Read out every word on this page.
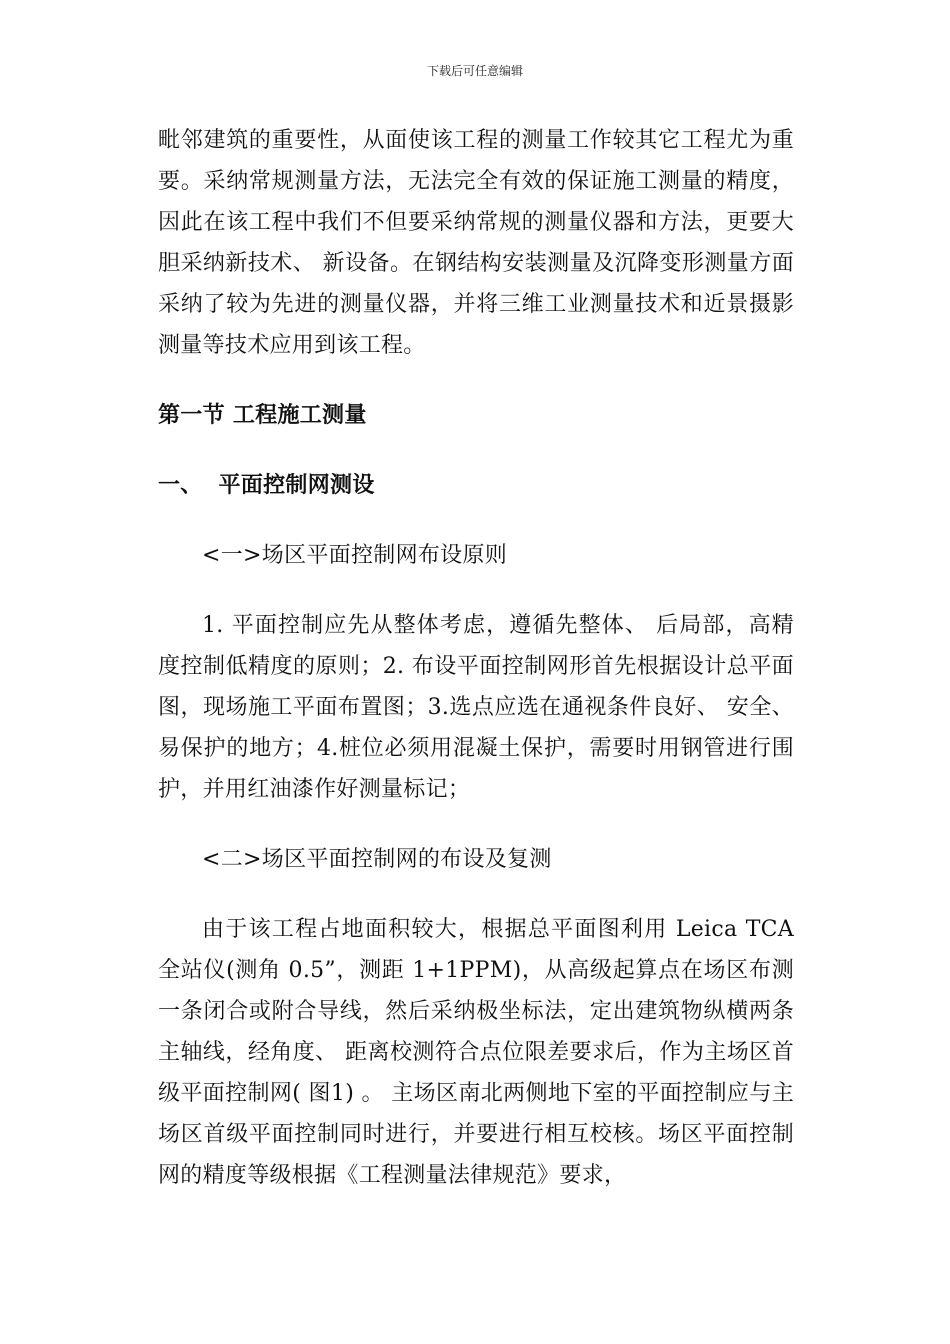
下载后可任意编辑

毗邻建筑的重要性，从面使该工程的测量工作较其它工程尤为重要。采纳常规测量方法，无法完全有效的保证施工测量的精度，因此在该工程中我们不但要采纳常规的测量仪器和方法，更要大胆采纳新技术、 新设备。在钢结构安装测量及沉降变形测量方面采纳了较为先进的测量仪器，并将三维工业测量技术和近景摄影测量等技术应用到该工程。

第一节 工程施工测量

一、  平面控制网测设

<一>场区平面控制网布设原则

1. 平面控制应先从整体考虑，遵循先整体、 后局部，高精度控制低精度的原则；2. 布设平面控制网形首先根据设计总平面图，现场施工平面布置图；3.选点应选在通视条件良好、 安全、 易保护的地方；4.桩位必须用混凝土保护，需要时用钢管进行围护，并用红油漆作好测量标记；

<二>场区平面控制网的布设及复测

由于该工程占地面积较大，根据总平面图利用 Leica TCA 全站仪(测角 0.5”，测距 1+1PPM)，从高级起算点在场区布测一条闭合或附合导线，然后采纳极坐标法，定出建筑物纵横两条主轴线，经角度、 距离校测符合点位限差要求后，作为主场区首级平面控制网( 图1) 。 主场区南北两侧地下室的平面控制应与主场区首级平面控制同时进行，并要进行相互校核。场区平面控制网的精度等级根据《工程测量法律规范》要求，
